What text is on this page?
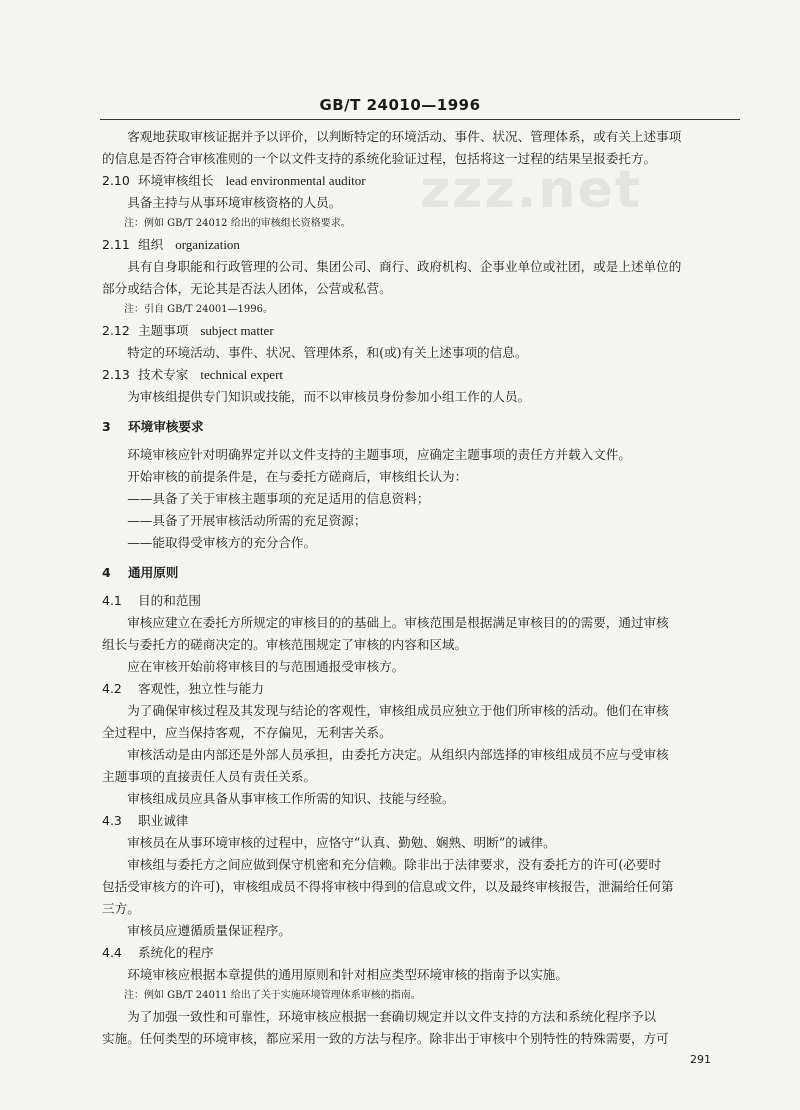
GB/T 24010—1996
zzz.net
客观地获取审核证据并予以评价，以判断特定的环境活动、事件、状况、管理体系，或有关上述事项
的信息是否符合审核准则的一个以文件支持的系统化验证过程，包括将这一过程的结果呈报委托方。
2.10 环境审核组长 lead environmental auditor
具备主持与从事环境审核资格的人员。
注：例如 GB/T 24012 给出的审核组长资格要求。
2.11 组织 organization
具有自身职能和行政管理的公司、集团公司、商行、政府机构、企事业单位或社团，或是上述单位的
部分或结合体，无论其是否法人团体，公营或私营。
注：引自 GB/T 24001—1996。
2.12 主题事项 subject matter
特定的环境活动、事件、状况、管理体系，和(或)有关上述事项的信息。
2.13 技术专家 technical expert
为审核组提供专门知识或技能，而不以审核员身份参加小组工作的人员。
3	环境审核要求
环境审核应针对明确界定并以文件支持的主题事项，应确定主题事项的责任方并载入文件。
开始审核的前提条件是，在与委托方磋商后，审核组长认为：
——具备了关于审核主题事项的充足适用的信息资料；
——具备了开展审核活动所需的充足资源；
——能取得受审核方的充分合作。
4	通用原则
4.1	目的和范围
审核应建立在委托方所规定的审核目的的基础上。审核范围是根据满足审核目的的需要，通过审核
组长与委托方的磋商决定的。审核范围规定了审核的内容和区域。
应在审核开始前将审核目的与范围通报受审核方。
4.2	客观性，独立性与能力
为了确保审核过程及其发现与结论的客观性，审核组成员应独立于他们所审核的活动。他们在审核
全过程中，应当保持客观，不存偏见，无利害关系。
审核活动是由内部还是外部人员承担，由委托方决定。从组织内部选择的审核组成员不应与受审核
主题事项的直接责任人员有责任关系。
审核组成员应具备从事审核工作所需的知识、技能与经验。
4.3	职业诚律
审核员在从事环境审核的过程中，应恪守“认真、勤勉、娴熟、明断”的诫律。
审核组与委托方之间应做到保守机密和充分信赖。除非出于法律要求，没有委托方的许可(必要时
包括受审核方的许可)，审核组成员不得将审核中得到的信息或文件，以及最终审核报告，泄漏给任何第
三方。
审核员应遵循质量保证程序。
4.4	系统化的程序
环境审核应根据本章提供的通用原则和针对相应类型环境审核的指南予以实施。
注：例如 GB/T 24011 给出了关于实施环境管理体系审核的指南。
为了加强一致性和可靠性，环境审核应根据一套确切规定并以文件支持的方法和系统化程序予以
实施。任何类型的环境审核，都应采用一致的方法与程序。除非出于审核中个别特性的特殊需要，方可
291
